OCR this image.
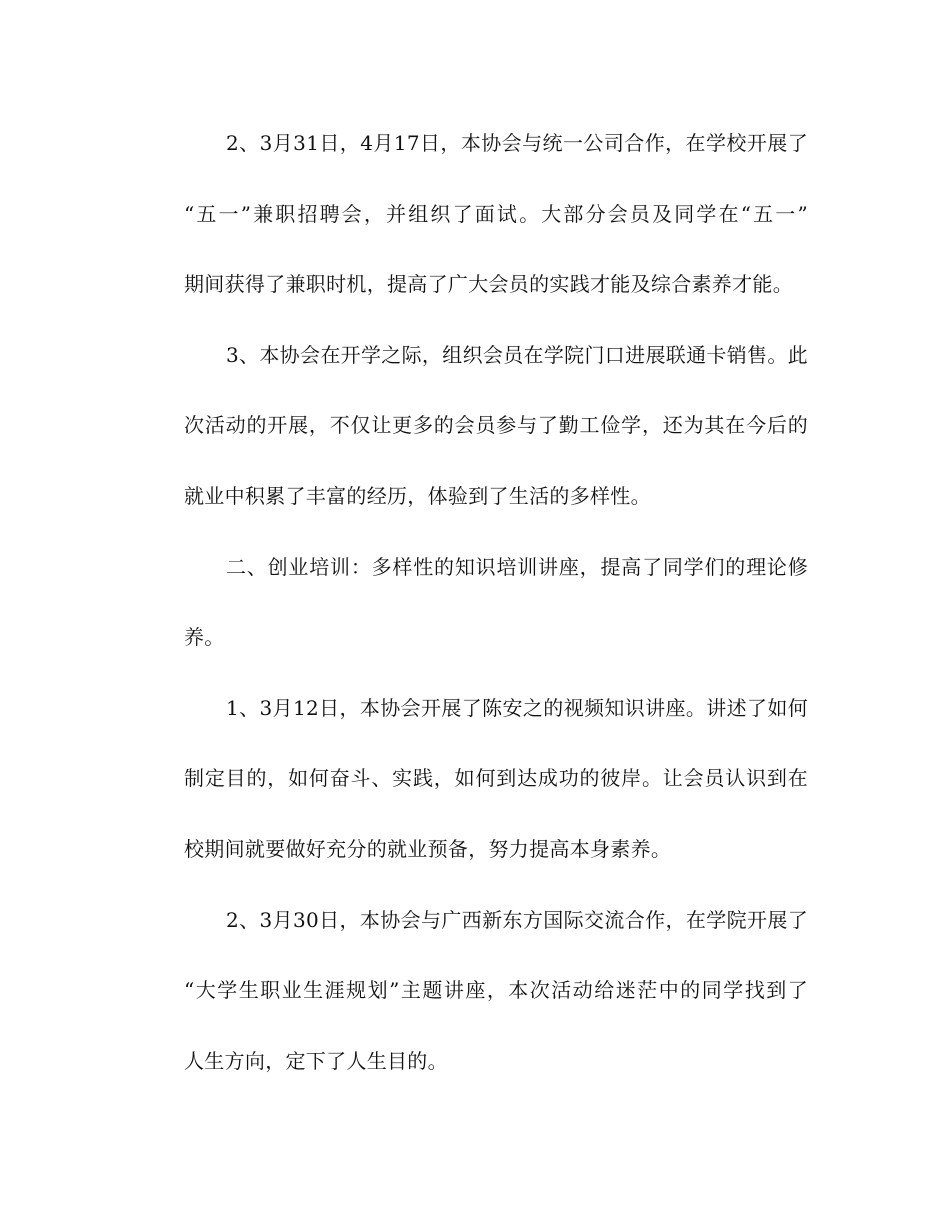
2、3月31日，4月17日，本协会与统一公司合作，在学校开展了
“五一”兼职招聘会，并组织了面试。大部分会员及同学在“五一”
期间获得了兼职时机，提高了广大会员的实践才能及综合素养才能。

3、本协会在开学之际，组织会员在学院门口进展联通卡销售。此
次活动的开展，不仅让更多的会员参与了勤工俭学，还为其在今后的
就业中积累了丰富的经历，体验到了生活的多样性。

二、创业培训：多样性的知识培训讲座，提高了同学们的理论修
养。

1、3月12日，本协会开展了陈安之的视频知识讲座。讲述了如何
制定目的，如何奋斗、实践，如何到达成功的彼岸。让会员认识到在
校期间就要做好充分的就业预备，努力提高本身素养。

2、3月30日，本协会与广西新东方国际交流合作，在学院开展了
“大学生职业生涯规划”主题讲座，本次活动给迷茫中的同学找到了
人生方向，定下了人生目的。
